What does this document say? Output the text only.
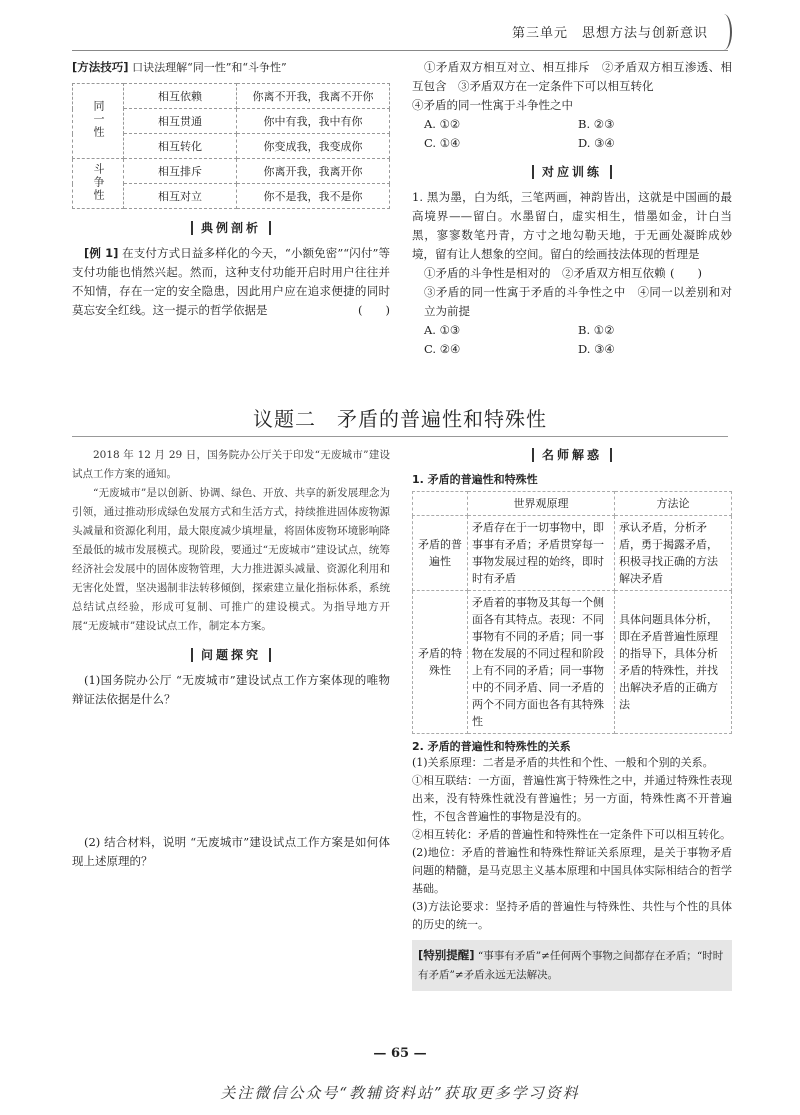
第三单元　思想方法与创新意识

[方法技巧] 口诀法理解“同一性”和“斗争性”

同一性	相互依赖	你离不开我，我离不开你
	相互贯通	你中有我，我中有你
	相互转化	你变成我，我变成你
斗争性	相互排斥	你离开我，我离开你
	相互对立	你不是我，我不是你
典例剖析

[例 1] 在支付方式日益多样化的今天，“小额免密”“闪付”等支付功能也悄然兴起。然而，这种支付功能开启时用户往往并不知情，存在一定的安全隐患，因此用户应在追求便捷的同时莫忘安全红线。这一提示的哲学依据是	(　　)

①矛盾双方相互对立、相互排斥　②矛盾双方相互渗透、相互包含　③矛盾双方在一定条件下可以相互转化

④矛盾的同一性寓于斗争性之中

A. ①②	B. ②③
C. ①④	D. ③④
对应训练

1. 黑为墨，白为纸，三笔两画，神韵皆出，这就是中国画的最高境界——留白。水墨留白，虚实相生，惜墨如金，计白当黑，寥寥数笔丹青，方寸之地勾勒天地，于无画处凝眸成妙境，留有让人想象的空间。留白的绘画技法体现的哲理是
(　　)

①矛盾的斗争性是相对的　②矛盾双方相互依赖

③矛盾的同一性寓于矛盾的斗争性之中　④同一以差别和对立为前提

A. ①③	B. ①②
C. ②④	D. ③④
议题二　矛盾的普遍性和特殊性

2018 年 12 月 29 日，国务院办公厅关于印发“无废城市”建设试点工作方案的通知。

“无废城市”是以创新、协调、绿色、开放、共享的新发展理念为引领，通过推动形成绿色发展方式和生活方式，持续推进固体废物源头减量和资源化利用，最大限度减少填埋量，将固体废物环境影响降至最低的城市发展模式。现阶段，要通过“无废城市”建设试点，统筹经济社会发展中的固体废物管理，大力推进源头减量、资源化利用和无害化处置，坚决遏制非法转移倾倒，探索建立量化指标体系，系统总结试点经验，形成可复制、可推广的建设模式。为指导地方开展“无废城市”建设试点工作，制定本方案。

问题探究

(1)国务院办公厅 “无废城市”建设试点工作方案体现的唯物辩证法依据是什么？

(2) 结合材料，说明 “无废城市”建设试点工作方案是如何体现上述原理的？

名师解惑

1. 矛盾的普遍性和特殊性

	世界观原理	方法论
矛盾的普遍性	矛盾存在于一切事物中，即事事有矛盾；矛盾贯穿每一事物发展过程的始终，即时时有矛盾	承认矛盾，分析矛盾，勇于揭露矛盾，积极寻找正确的方法解决矛盾
矛盾的特殊性	矛盾着的事物及其每一个侧面各有其特点。表现：不同事物有不同的矛盾；同一事物在发展的不同过程和阶段上有不同的矛盾；同一事物中的不同矛盾、同一矛盾的两个不同方面也各有其特殊性	具体问题具体分析，即在矛盾普遍性原理的指导下，具体分析矛盾的特殊性，并找出解决矛盾的正确方法

2. 矛盾的普遍性和特殊性的关系

(1)关系原理：二者是矛盾的共性和个性、一般和个别的关系。

①相互联结：一方面，普遍性寓于特殊性之中，并通过特殊性表现出来，没有特殊性就没有普遍性；另一方面，特殊性离不开普遍性，不包含普遍性的事物是没有的。

②相互转化：矛盾的普遍性和特殊性在一定条件下可以相互转化。

(2)地位：矛盾的普遍性和特殊性辩证关系原理，是关于事物矛盾问题的精髓，是马克思主义基本原理和中国具体实际相结合的哲学基础。

(3)方法论要求：坚持矛盾的普遍性与特殊性、共性与个性的具体的历史的统一。

[特别提醒] “事事有矛盾”≠任何两个事物之间都存在矛盾；“时时有矛盾”≠矛盾永远无法解决。
— 65 —
关注微信公众号“教辅资料站”获取更多学习资料
